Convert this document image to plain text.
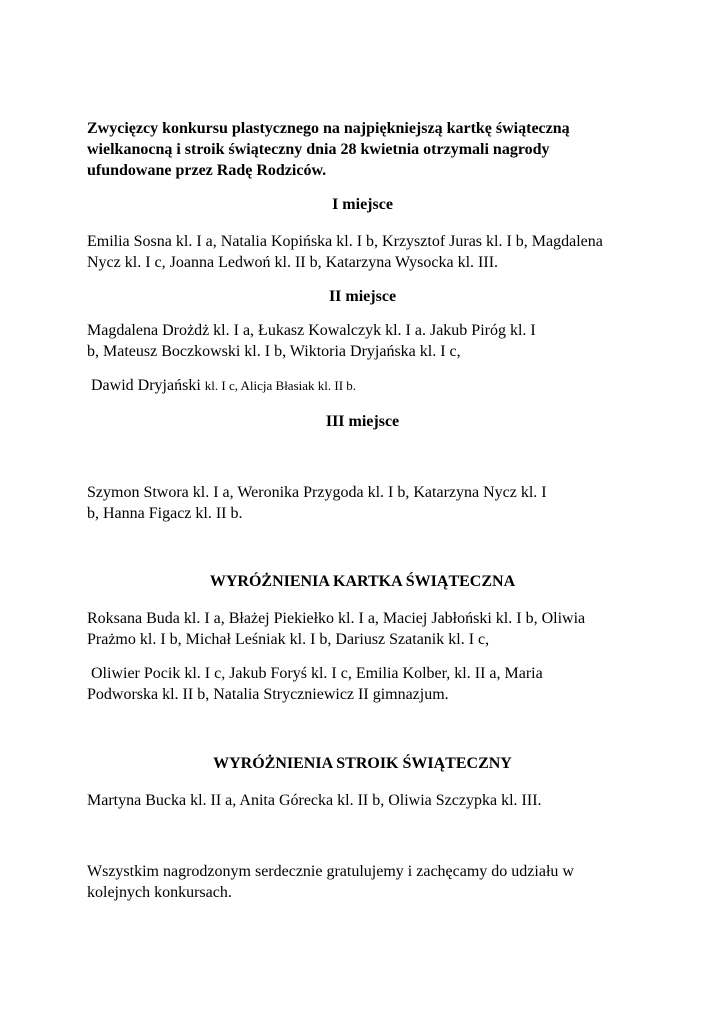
Zwycięzcy konkursu plastycznego na najpiękniejszą kartkę świąteczną
wielkanocną i stroik świąteczny dnia 28 kwietnia otrzymali nagrody
ufundowane przez Radę Rodziców.
I miejsce
Emilia Sosna kl. I a, Natalia Kopińska kl. I b, Krzysztof Juras kl. I b, Magdalena
Nycz kl. I c, Joanna Ledwoń kl. II b, Katarzyna Wysocka kl. III.
II miejsce
Magdalena Drożdż kl. I a, Łukasz Kowalczyk kl. I a. Jakub Piróg kl. I
b, Mateusz Boczkowski kl. I b, Wiktoria Dryjańska kl. I c,
Dawid Dryjański kl. I c, Alicja Błasiak kl. II b.
III miejsce
Szymon Stwora kl. I a, Weronika Przygoda kl. I b, Katarzyna Nycz kl. I
b, Hanna Figacz kl. II b.
WYRÓŻNIENIA KARTKA ŚWIĄTECZNA
Roksana Buda kl. I a, Błażej Piekiełko kl. I a, Maciej Jabłoński kl. I b, Oliwia
Prażmo kl. I b, Michał Leśniak kl. I b, Dariusz Szatanik kl. I c,
Oliwier Pocik kl. I c, Jakub Foryś kl. I c, Emilia Kolber, kl. II a, Maria
Podworska kl. II b, Natalia Stryczniewicz II gimnazjum.
WYRÓŻNIENIA STROIK ŚWIĄTECZNY
Martyna Bucka kl. II a, Anita Górecka kl. II b, Oliwia Szczypka kl. III.
Wszystkim nagrodzonym serdecznie gratulujemy i zachęcamy do udziału w
kolejnych konkursach.
